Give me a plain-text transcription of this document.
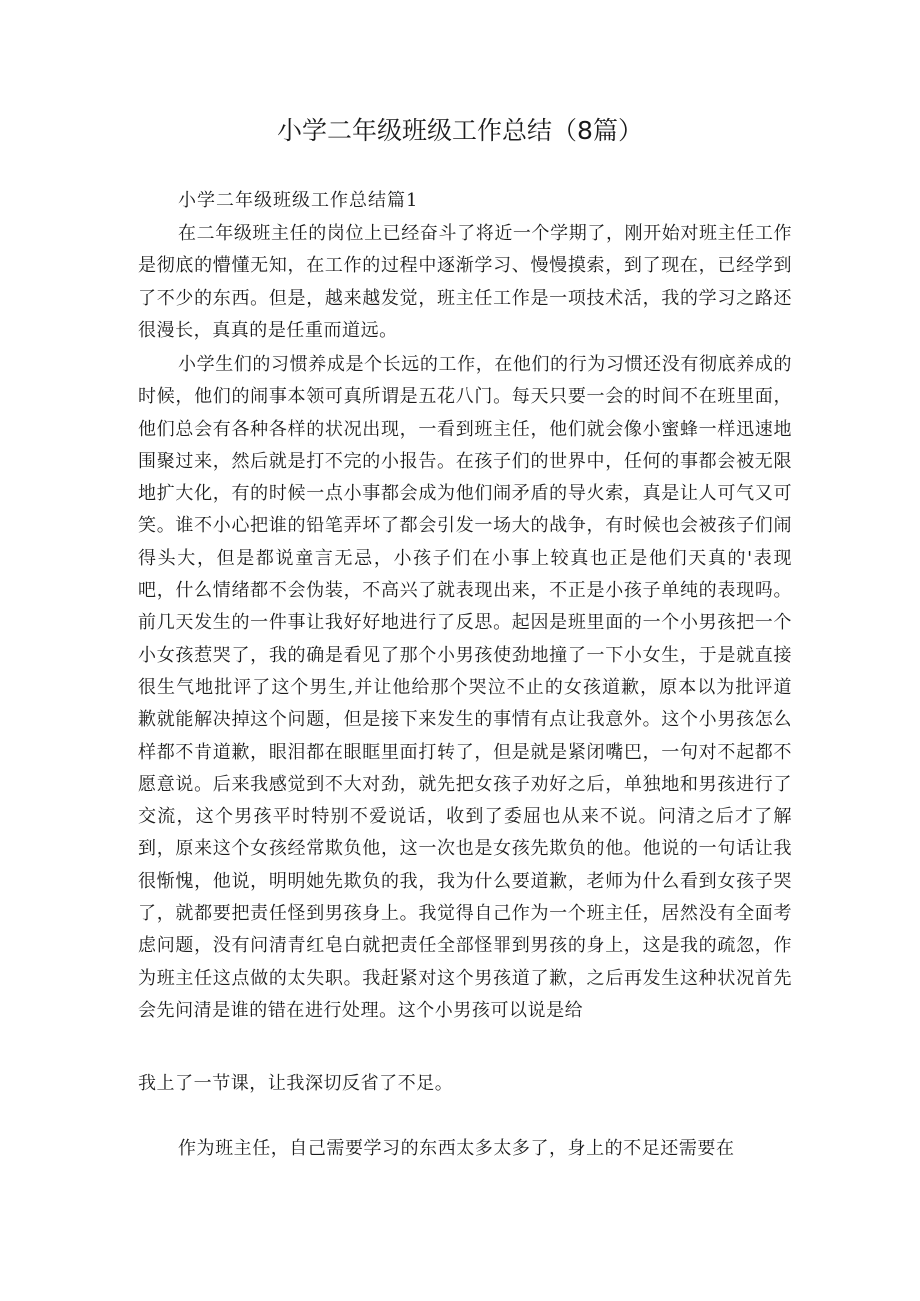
小学二年级班级工作总结（8篇）
小学二年级班级工作总结篇1

在二年级班主任的岗位上已经奋斗了将近一个学期了，刚开始对班主任工作是彻底的懵懂无知，在工作的过程中逐渐学习、慢慢摸索，到了现在，已经学到了不少的东西。但是，越来越发觉，班主任工作是一项技术活，我的学习之路还很漫长，真真的是任重而道远。

小学生们的习惯养成是个长远的工作，在他们的行为习惯还没有彻底养成的时候，他们的闹事本领可真所谓是五花八门。每天只要一会的时间不在班里面，他们总会有各种各样的状况出现，一看到班主任，他们就会像小蜜蜂一样迅速地围聚过来，然后就是打不完的小报告。在孩子们的世界中，任何的事都会被无限地扩大化，有的时候一点小事都会成为他们闹矛盾的导火索，真是让人可气又可笑。谁不小心把谁的铅笔弄坏了都会引发一场大的战争，有时候也会被孩子们闹得头大，但是都说童言无忌，小孩子们在小事上较真也正是他们天真的'表现吧，什么情绪都不会伪装，不高兴了就表现出来，不正是小孩子单纯的表现吗。前几天发生的一件事让我好好地进行了反思。起因是班里面的一个小男孩把一个小女孩惹哭了，我的确是看见了那个小男孩使劲地撞了一下小女生，于是就直接很生气地批评了这个男生,并让他给那个哭泣不止的女孩道歉，原本以为批评道歉就能解决掉这个问题，但是接下来发生的事情有点让我意外。这个小男孩怎么样都不肯道歉，眼泪都在眼眶里面打转了，但是就是紧闭嘴巴，一句对不起都不愿意说。后来我感觉到不大对劲，就先把女孩子劝好之后，单独地和男孩进行了交流，这个男孩平时特别不爱说话，收到了委屈也从来不说。问清之后才了解到，原来这个女孩经常欺负他，这一次也是女孩先欺负的他。他说的一句话让我很惭愧，他说，明明她先欺负的我，我为什么要道歉，老师为什么看到女孩子哭了，就都要把责任怪到男孩身上。我觉得自己作为一个班主任，居然没有全面考虑问题，没有问清青红皂白就把责任全部怪罪到男孩的身上，这是我的疏忽，作为班主任这点做的太失职。我赶紧对这个男孩道了歉，之后再发生这种状况首先会先问清是谁的错在进行处理。这个小男孩可以说是给

我上了一节课，让我深切反省了不足。

作为班主任，自己需要学习的东西太多太多了，身上的不足还需要在
